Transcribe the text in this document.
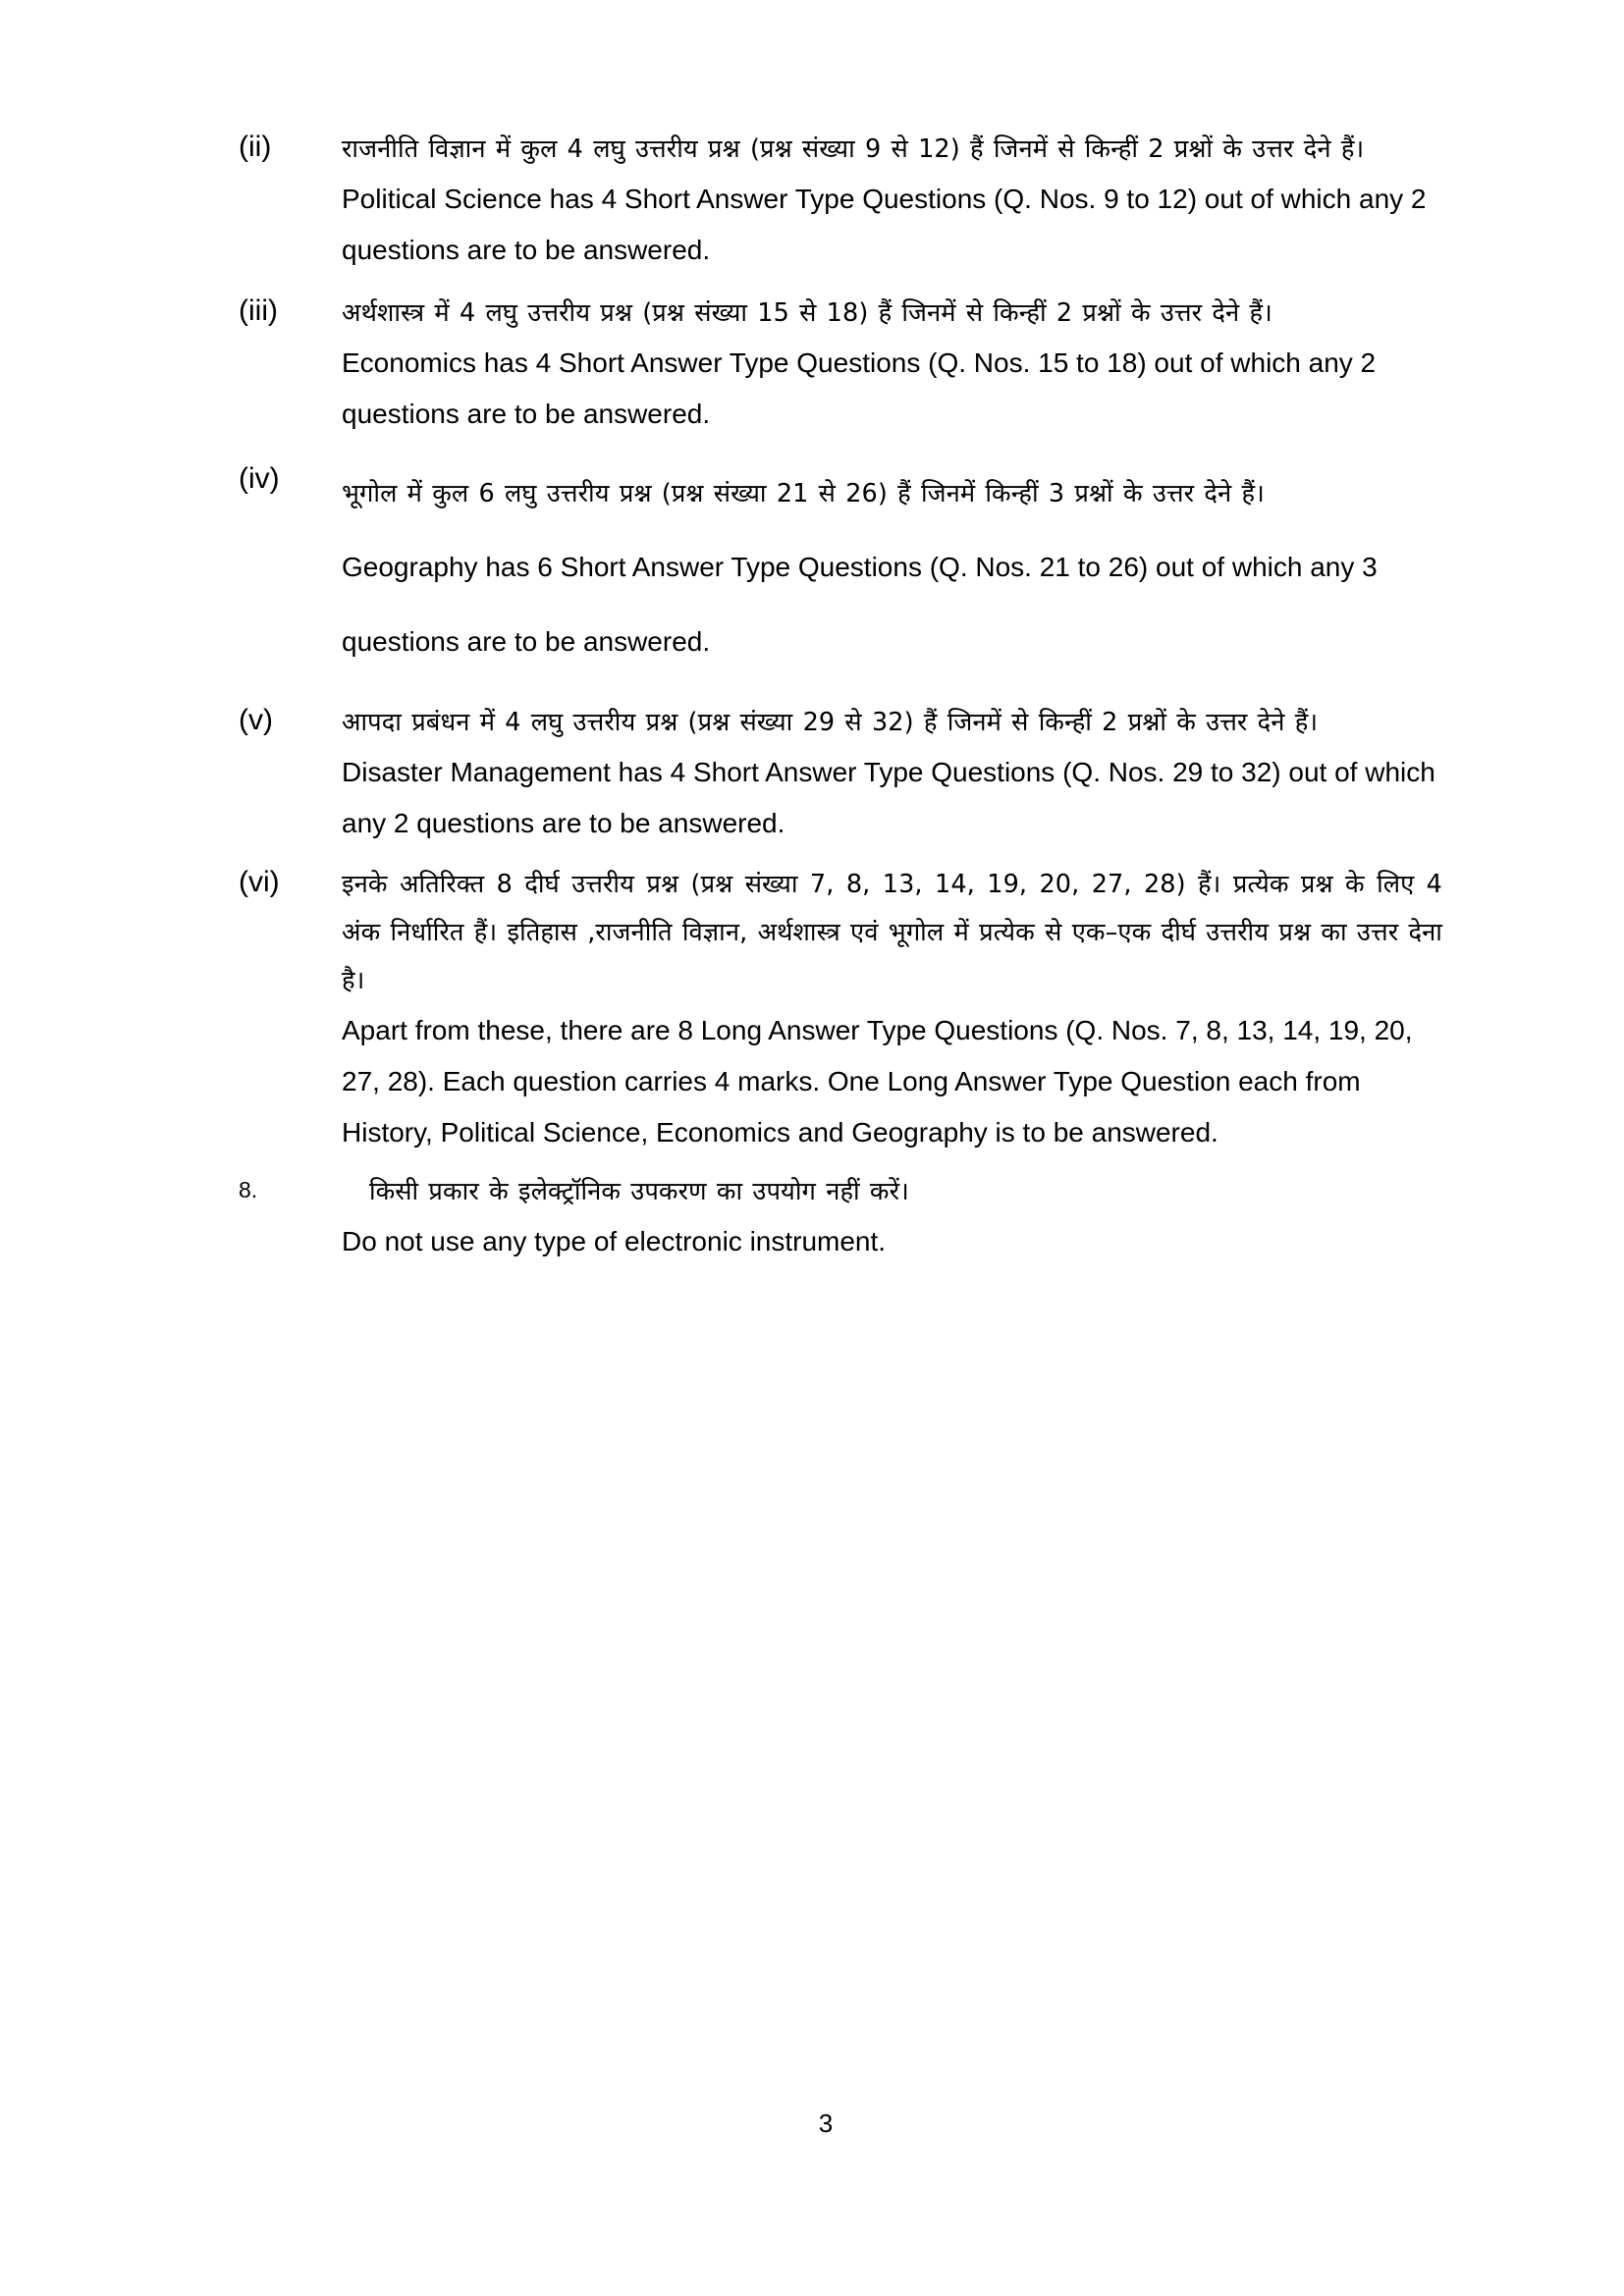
(ii)	राजनीति विज्ञान में कुल 4 लघु उत्तरीय प्रश्न (प्रश्न संख्या 9 से 12) हैं जिनमें से किन्हीं 2 प्रश्नों के उत्तर देने हैं।

Political Science has 4 Short Answer Type Questions (Q. Nos. 9 to 12) out of which any 2 questions are to be answered.

(iii)	अर्थशास्त्र में 4 लघु उत्तरीय प्रश्न (प्रश्न संख्या 15 से 18) हैं जिनमें से किन्हीं 2 प्रश्नों के उत्तर देने हैं।

Economics has 4 Short Answer Type Questions (Q. Nos. 15 to 18) out of which any 2 questions are to be answered.

(iv)	भूगोल में कुल 6 लघु उत्तरीय प्रश्न (प्रश्न संख्या 21 से 26) हैं जिनमें किन्हीं 3 प्रश्नों के उत्तर देने हैं।

Geography has 6 Short Answer Type Questions (Q. Nos. 21 to 26) out of which any 3 questions are to be answered.

(v)	आपदा प्रबंधन में 4 लघु उत्तरीय प्रश्न (प्रश्न संख्या 29 से 32) हैं जिनमें से किन्हीं 2 प्रश्नों के उत्तर देने हैं।

Disaster Management has 4 Short Answer Type Questions (Q. Nos. 29 to 32) out of which any 2 questions are to be answered.

(vi)	इनके अतिरिक्त 8 दीर्घ उत्तरीय प्रश्न (प्रश्न संख्या 7, 8, 13, 14, 19, 20, 27, 28) हैं। प्रत्येक प्रश्न के लिए 4 अंक निर्धारित हैं। इतिहास ,राजनीति विज्ञान, अर्थशास्त्र एवं भूगोल में प्रत्येक से एक–एक दीर्घ उत्तरीय प्रश्न का उत्तर देना है।

Apart from these, there are 8 Long Answer Type Questions (Q. Nos. 7, 8, 13, 14, 19, 20, 27, 28). Each question carries 4 marks. One Long Answer Type Question each from History, Political Science, Economics and Geography is to be answered.

8.	किसी प्रकार के इलेक्ट्रॉनिक उपकरण का उपयोग नहीं करें।

Do not use any type of electronic instrument.

3
